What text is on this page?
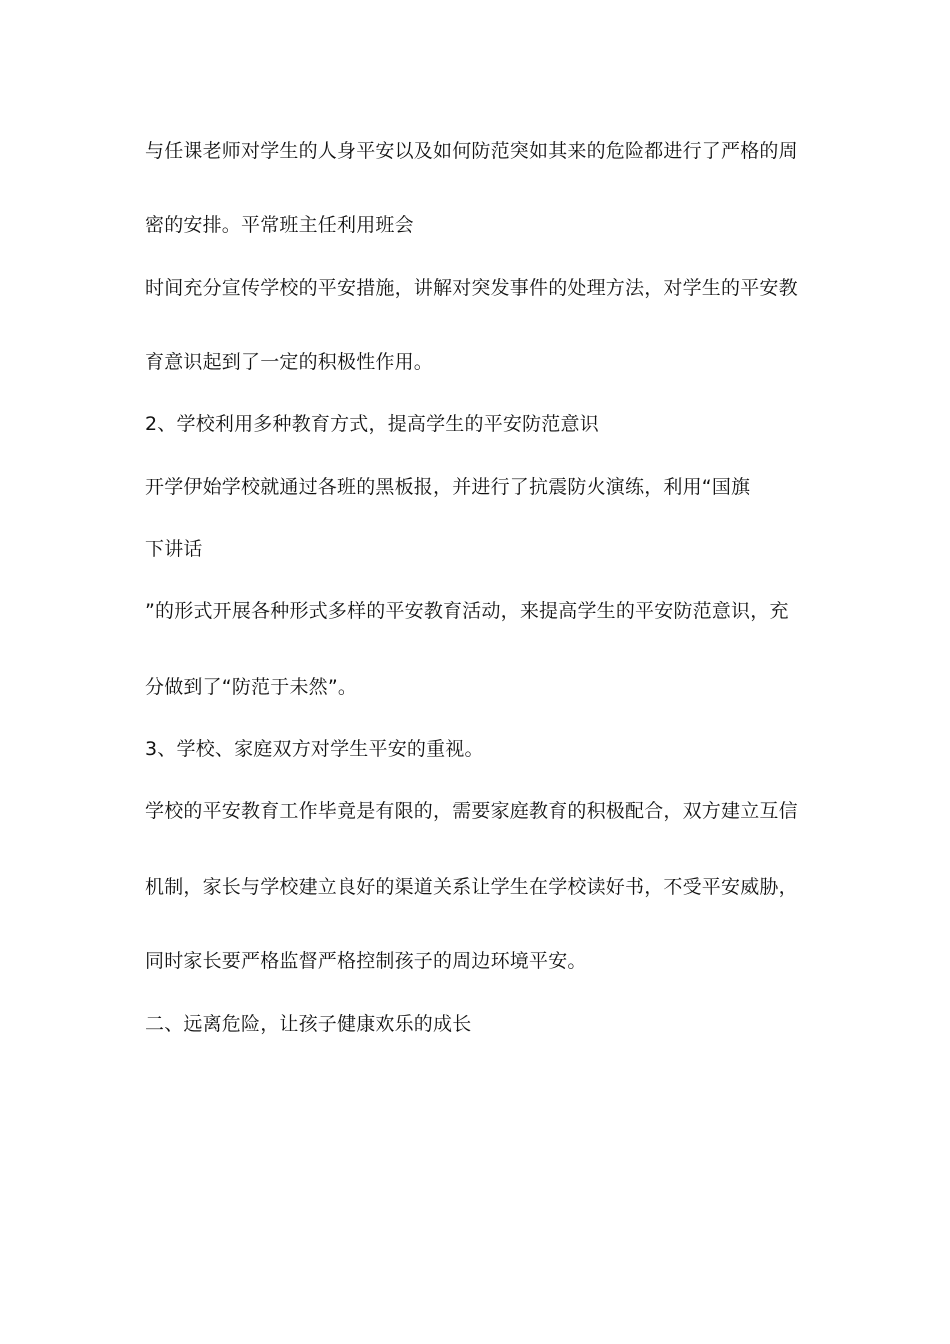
与任课老师对学生的人身平安以及如何防范突如其来的危险都进行了严格的周

密的安排。平常班主任利用班会

时间充分宣传学校的平安措施，讲解对突发事件的处理方法，对学生的平安教

育意识起到了一定的积极性作用。

2、学校利用多种教育方式，提高学生的平安防范意识

开学伊始学校就通过各班的黑板报，并进行了抗震防火演练，利用“国旗

下讲话

”的形式开展各种形式多样的平安教育活动，来提高学生的平安防范意识，充

分做到了“防范于未然”。

3、学校、家庭双方对学生平安的重视。

学校的平安教育工作毕竟是有限的，需要家庭教育的积极配合，双方建立互信

机制，家长与学校建立良好的渠道关系让学生在学校读好书，不受平安威胁，

同时家长要严格监督严格控制孩子的周边环境平安。

二、远离危险，让孩子健康欢乐的成长
